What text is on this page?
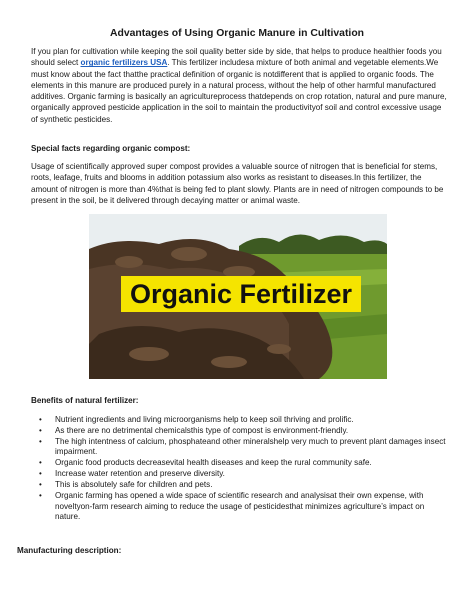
Advantages of Using Organic Manure in Cultivation

If you plan for cultivation while keeping the soil quality better side by side, that helps to produce healthier foods you should select organic fertilizers USA. This fertilizer includesa mixture of both animal and vegetable elements.We must know about the fact thatthe practical definition of organic is notdifferent that is applied to organic foods. The elements in this manure are produced purely in a natural process, without the help of other harmful manufactured additives. Organic farming is basically an agricultureprocess thatdepends on crop rotation, natural and pure manure, organically approved pesticide application in the soil to maintain the productivityof soil and control excessive usage of synthetic pesticides.

Special facts regarding organic compost:

Usage of scientifically approved super compost provides a valuable source of nitrogen that is beneficial for stems, roots, leafage, fruits and blooms in addition potassium also works as resistant to diseases.In this fertilizer, the amount of nitrogen is more than 4%that is being fed to plant slowly. Plants are in need of nitrogen compounds to be present in the soil, be it delivered through decaying matter or animal waste.

Organic Fertilizer
Benefits of natural fertilizer:
• Nutrient ingredients and living microorganisms help to keep soil thriving and prolific.
• As there are no detrimental chemicalsthis type of compost is environment-friendly.
• The high intentness of calcium, phosphateand other mineralshelp very much to prevent plant damages insect impairment.
• Organic food products decreasevital health diseases and keep the rural community safe.
• Increase water retention and preserve diversity.
• This is absolutely safe for children and pets.
• Organic farming has opened a wide space of scientific research and analysisat their own expense, with noveltyon-farm research aiming to reduce the usage of pesticidesthat minimizes agriculture’s impact on nature.
Manufacturing description:
